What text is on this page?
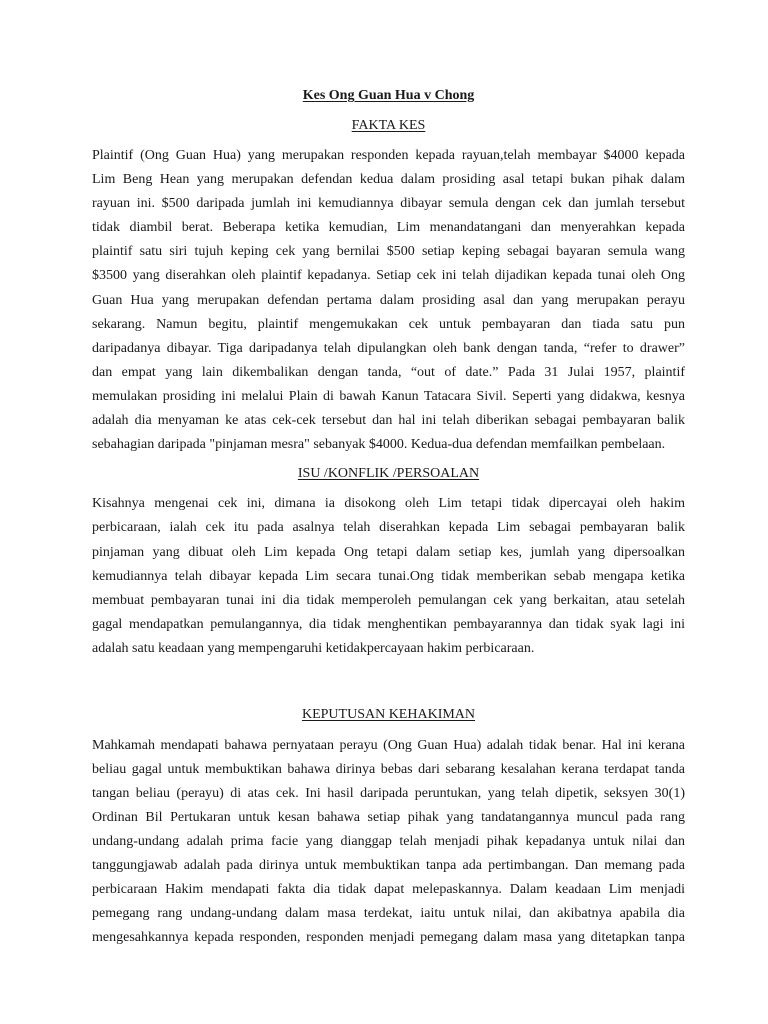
Kes Ong Guan Hua v Chong
FAKTA KES
Plaintif (Ong Guan Hua) yang merupakan responden kepada rayuan,telah membayar $4000 kepada
Lim Beng Hean yang merupakan defendan kedua dalam prosiding asal tetapi bukan pihak dalam
rayuan ini. $500 daripada jumlah ini kemudiannya dibayar semula dengan cek dan jumlah tersebut
tidak diambil berat. Beberapa ketika kemudian, Lim menandatangani dan menyerahkan kepada
plaintif satu siri tujuh keping cek yang bernilai $500 setiap keping sebagai bayaran semula wang
$3500 yang diserahkan oleh plaintif kepadanya. Setiap cek ini telah dijadikan kepada tunai oleh Ong
Guan Hua yang merupakan defendan pertama dalam prosiding asal dan yang merupakan perayu
sekarang. Namun begitu, plaintif mengemukakan cek untuk pembayaran dan tiada satu pun
daripadanya dibayar. Tiga daripadanya telah dipulangkan oleh bank dengan tanda, “refer to drawer”
dan empat yang lain dikembalikan dengan tanda, “out of date.” Pada 31 Julai 1957, plaintif
memulakan prosiding ini melalui Plain di bawah Kanun Tatacara Sivil. Seperti yang didakwa, kesnya
adalah dia menyaman ke atas cek-cek tersebut dan hal ini telah diberikan sebagai pembayaran balik
sebahagian daripada "pinjaman mesra" sebanyak $4000. Kedua-dua defendan memfailkan pembelaan.
ISU /KONFLIK /PERSOALAN
Kisahnya mengenai cek ini, dimana ia disokong oleh Lim tetapi tidak dipercayai oleh hakim
perbicaraan, ialah cek itu pada asalnya telah diserahkan kepada Lim sebagai pembayaran balik
pinjaman yang dibuat oleh Lim kepada Ong tetapi dalam setiap kes, jumlah yang dipersoalkan
kemudiannya telah dibayar kepada Lim secara tunai.Ong tidak memberikan sebab mengapa ketika
membuat pembayaran tunai ini dia tidak memperoleh pemulangan cek yang berkaitan, atau setelah
gagal mendapatkan pemulangannya, dia tidak menghentikan pembayarannya dan tidak syak lagi ini
adalah satu keadaan yang mempengaruhi ketidakpercayaan hakim perbicaraan.
KEPUTUSAN KEHAKIMAN
Mahkamah mendapati bahawa pernyataan perayu (Ong Guan Hua) adalah tidak benar. Hal ini kerana
beliau gagal untuk membuktikan bahawa dirinya bebas dari sebarang kesalahan kerana terdapat tanda
tangan beliau (perayu) di atas cek. Ini hasil daripada peruntukan, yang telah dipetik, seksyen 30(1)
Ordinan Bil Pertukaran untuk kesan bahawa setiap pihak yang tandatangannya muncul pada rang
undang-undang adalah prima facie yang dianggap telah menjadi pihak kepadanya untuk nilai dan
tanggungjawab adalah pada dirinya untuk membuktikan tanpa ada pertimbangan. Dan memang pada
perbicaraan Hakim mendapati fakta dia tidak dapat melepaskannya. Dalam keadaan Lim menjadi
pemegang rang undang-undang dalam masa terdekat, iaitu untuk nilai, dan akibatnya apabila dia
mengesahkannya kepada responden, responden menjadi pemegang dalam masa yang ditetapkan tanpa
